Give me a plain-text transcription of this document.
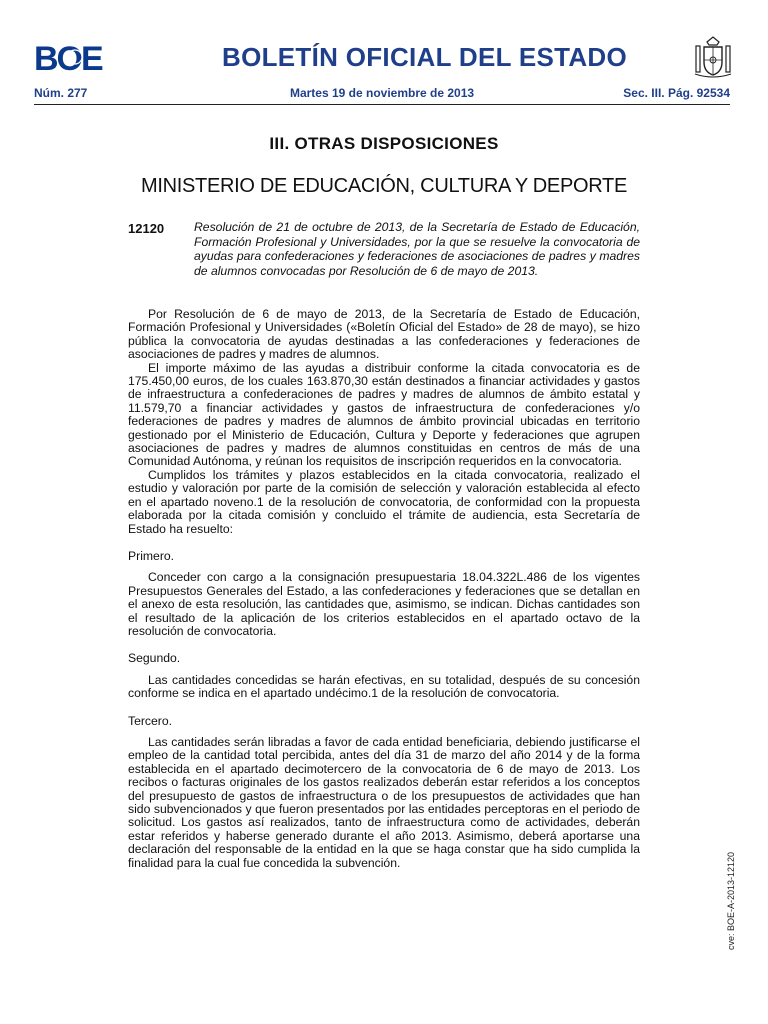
BOE	BOLETÍN OFICIAL DEL ESTADO
Núm. 277	Martes 19 de noviembre de 2013	Sec. III. Pág. 92534
III. OTRAS DISPOSICIONES
MINISTERIO DE EDUCACIÓN, CULTURA Y DEPORTE
12120 Resolución de 21 de octubre de 2013, de la Secretaría de Estado de Educación, Formación Profesional y Universidades, por la que se resuelve la convocatoria de ayudas para confederaciones y federaciones de asociaciones de padres y madres de alumnos convocadas por Resolución de 6 de mayo de 2013.

Por Resolución de 6 de mayo de 2013, de la Secretaría de Estado de Educación, Formación Profesional y Universidades («Boletín Oficial del Estado» de 28 de mayo), se hizo pública la convocatoria de ayudas destinadas a las confederaciones y federaciones de asociaciones de padres y madres de alumnos.

El importe máximo de las ayudas a distribuir conforme la citada convocatoria es de 175.450,00 euros, de los cuales 163.870,30 están destinados a financiar actividades y gastos de infraestructura a confederaciones de padres y madres de alumnos de ámbito estatal y 11.579,70 a financiar actividades y gastos de infraestructura de confederaciones y/o federaciones de padres y madres de alumnos de ámbito provincial ubicadas en territorio gestionado por el Ministerio de Educación, Cultura y Deporte y federaciones que agrupen asociaciones de padres y madres de alumnos constituidas en centros de más de una Comunidad Autónoma, y reúnan los requisitos de inscripción requeridos en la convocatoria.

Cumplidos los trámites y plazos establecidos en la citada convocatoria, realizado el estudio y valoración por parte de la comisión de selección y valoración establecida al efecto en el apartado noveno.1 de la resolución de convocatoria, de conformidad con la propuesta elaborada por la citada comisión y concluido el trámite de audiencia, esta Secretaría de Estado ha resuelto:

Primero.

Conceder con cargo a la consignación presupuestaria 18.04.322L.486 de los vigentes Presupuestos Generales del Estado, a las confederaciones y federaciones que se detallan en el anexo de esta resolución, las cantidades que, asimismo, se indican. Dichas cantidades son el resultado de la aplicación de los criterios establecidos en el apartado octavo de la resolución de convocatoria.

Segundo.

Las cantidades concedidas se harán efectivas, en su totalidad, después de su concesión conforme se indica en el apartado undécimo.1 de la resolución de convocatoria.

Tercero.

Las cantidades serán libradas a favor de cada entidad beneficiaria, debiendo justificarse el empleo de la cantidad total percibida, antes del día 31 de marzo del año 2014 y de la forma establecida en el apartado decimotercero de la convocatoria de 6 de mayo de 2013. Los recibos o facturas originales de los gastos realizados deberán estar referidos a los conceptos del presupuesto de gastos de infraestructura o de los presupuestos de actividades que han sido subvencionados y que fueron presentados por las entidades perceptoras en el periodo de solicitud. Los gastos así realizados, tanto de infraestructura como de actividades, deberán estar referidos y haberse generado durante el año 2013. Asimismo, deberá aportarse una declaración del responsable de la entidad en la que se haga constar que ha sido cumplida la finalidad para la cual fue concedida la subvención.	cve: BOE-A-2013-12120
